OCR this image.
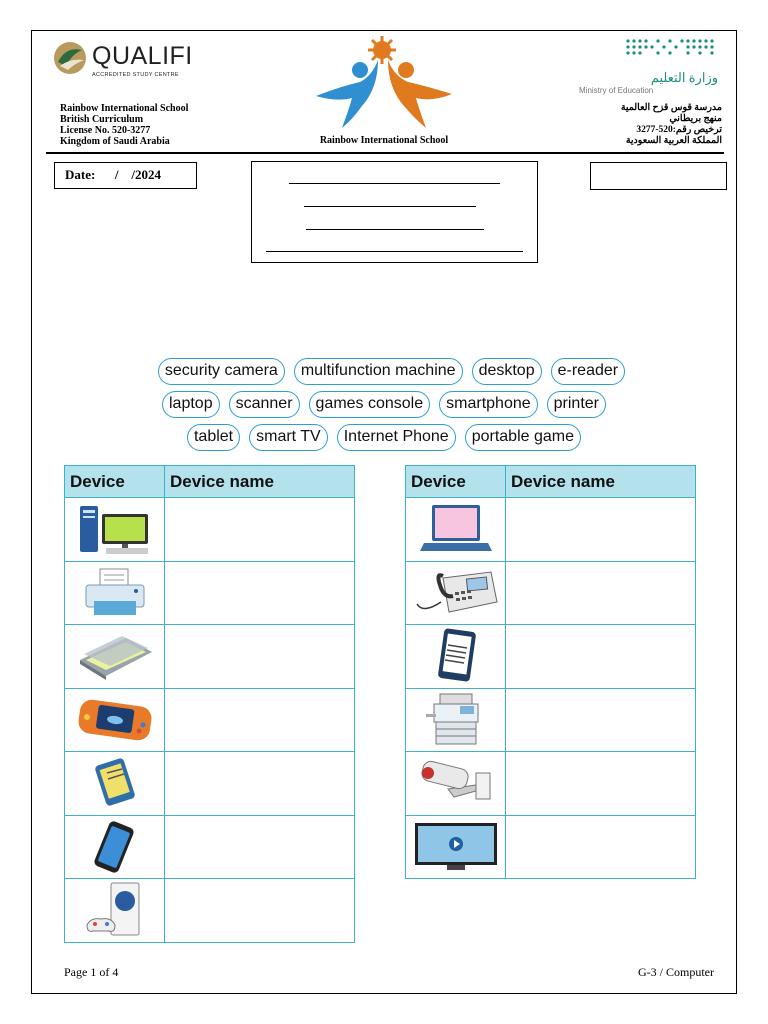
QUALIFI
ACCREDITED STUDY CENTRE
Rainbow International School
British Curriculum
License No. 520-3277
Kingdom of Saudi Arabia	Rainbow International School
وزارة التعليم
Ministry of Education
مدرسة قوس قزح العالمية
منهج بريطاني
ترخيص رقم:520-3277
المملكة العربية السعودية
Date:      /    /2024
security camera	multifunction machine	desktop	e-reader
laptop	scanner	games console	smartphone	printer
tablet	smart TV	Internet Phone	portable game
Device	Device name

		Device	Device name

Page 1 of 4	G-3 / Computer
